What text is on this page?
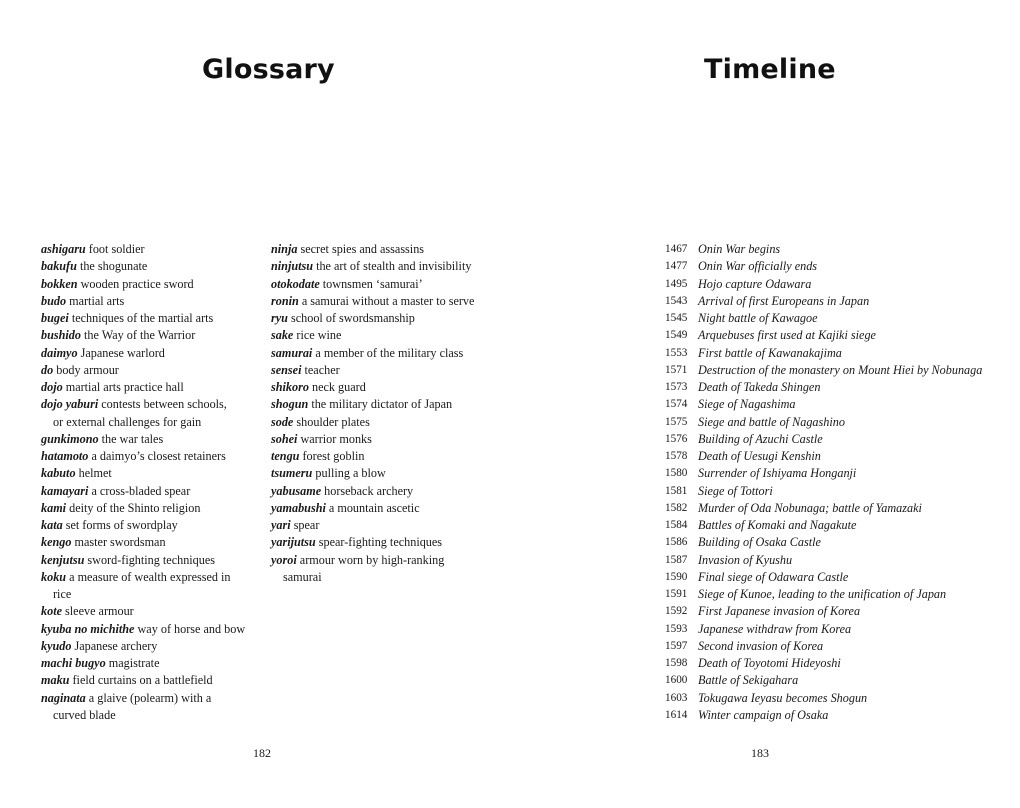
Glossary
ashigaru foot soldier
bakufu the shogunate
bokken wooden practice sword
budo martial arts
bugei techniques of the martial arts
bushido the Way of the Warrior
daimyo Japanese warlord
do body armour
dojo martial arts practice hall
dojo yaburi contests between schools,
or external challenges for gain
gunkimono the war tales
hatamoto a daimyo’s closest retainers
kabuto helmet
kamayari a cross-bladed spear
kami deity of the Shinto religion
kata set forms of swordplay
kengo master swordsman
kenjutsu sword-fighting techniques
koku a measure of wealth expressed in
rice
kote sleeve armour
kyuba no michithe way of horse and bow
kyudo Japanese archery
machi bugyo magistrate
maku field curtains on a battlefield
naginata a glaive (polearm) with a
curved blade
ninja secret spies and assassins
ninjutsu the art of stealth and invisibility
otokodate townsmen ‘samurai’
ronin a samurai without a master to serve
ryu school of swordsmanship
sake rice wine
samurai a member of the military class
sensei teacher
shikoro neck guard
shogun the military dictator of Japan
sode shoulder plates
sohei warrior monks
tengu forest goblin
tsumeru pulling a blow
yabusame horseback archery
yamabushi a mountain ascetic
yari spear
yarijutsu spear-fighting techniques
yoroi armour worn by high-ranking
samurai
182
Timeline
1467 Onin War begins
1477 Onin War officially ends
1495 Hojo capture Odawara
1543 Arrival of first Europeans in Japan
1545 Night battle of Kawagoe
1549 Arquebuses first used at Kajiki siege
1553 First battle of Kawanakajima
1571 Destruction of the monastery on Mount Hiei by Nobunaga
1573 Death of Takeda Shingen
1574 Siege of Nagashima
1575 Siege and battle of Nagashino
1576 Building of Azuchi Castle
1578 Death of Uesugi Kenshin
1580 Surrender of Ishiyama Honganji
1581 Siege of Tottori
1582 Murder of Oda Nobunaga; battle of Yamazaki
1584 Battles of Komaki and Nagakute
1586 Building of Osaka Castle
1587 Invasion of Kyushu
1590 Final siege of Odawara Castle
1591 Siege of Kunoe, leading to the unification of Japan
1592 First Japanese invasion of Korea
1593 Japanese withdraw from Korea
1597 Second invasion of Korea
1598 Death of Toyotomi Hideyoshi
1600 Battle of Sekigahara
1603 Tokugawa Ieyasu becomes Shogun
1614 Winter campaign of Osaka
183
